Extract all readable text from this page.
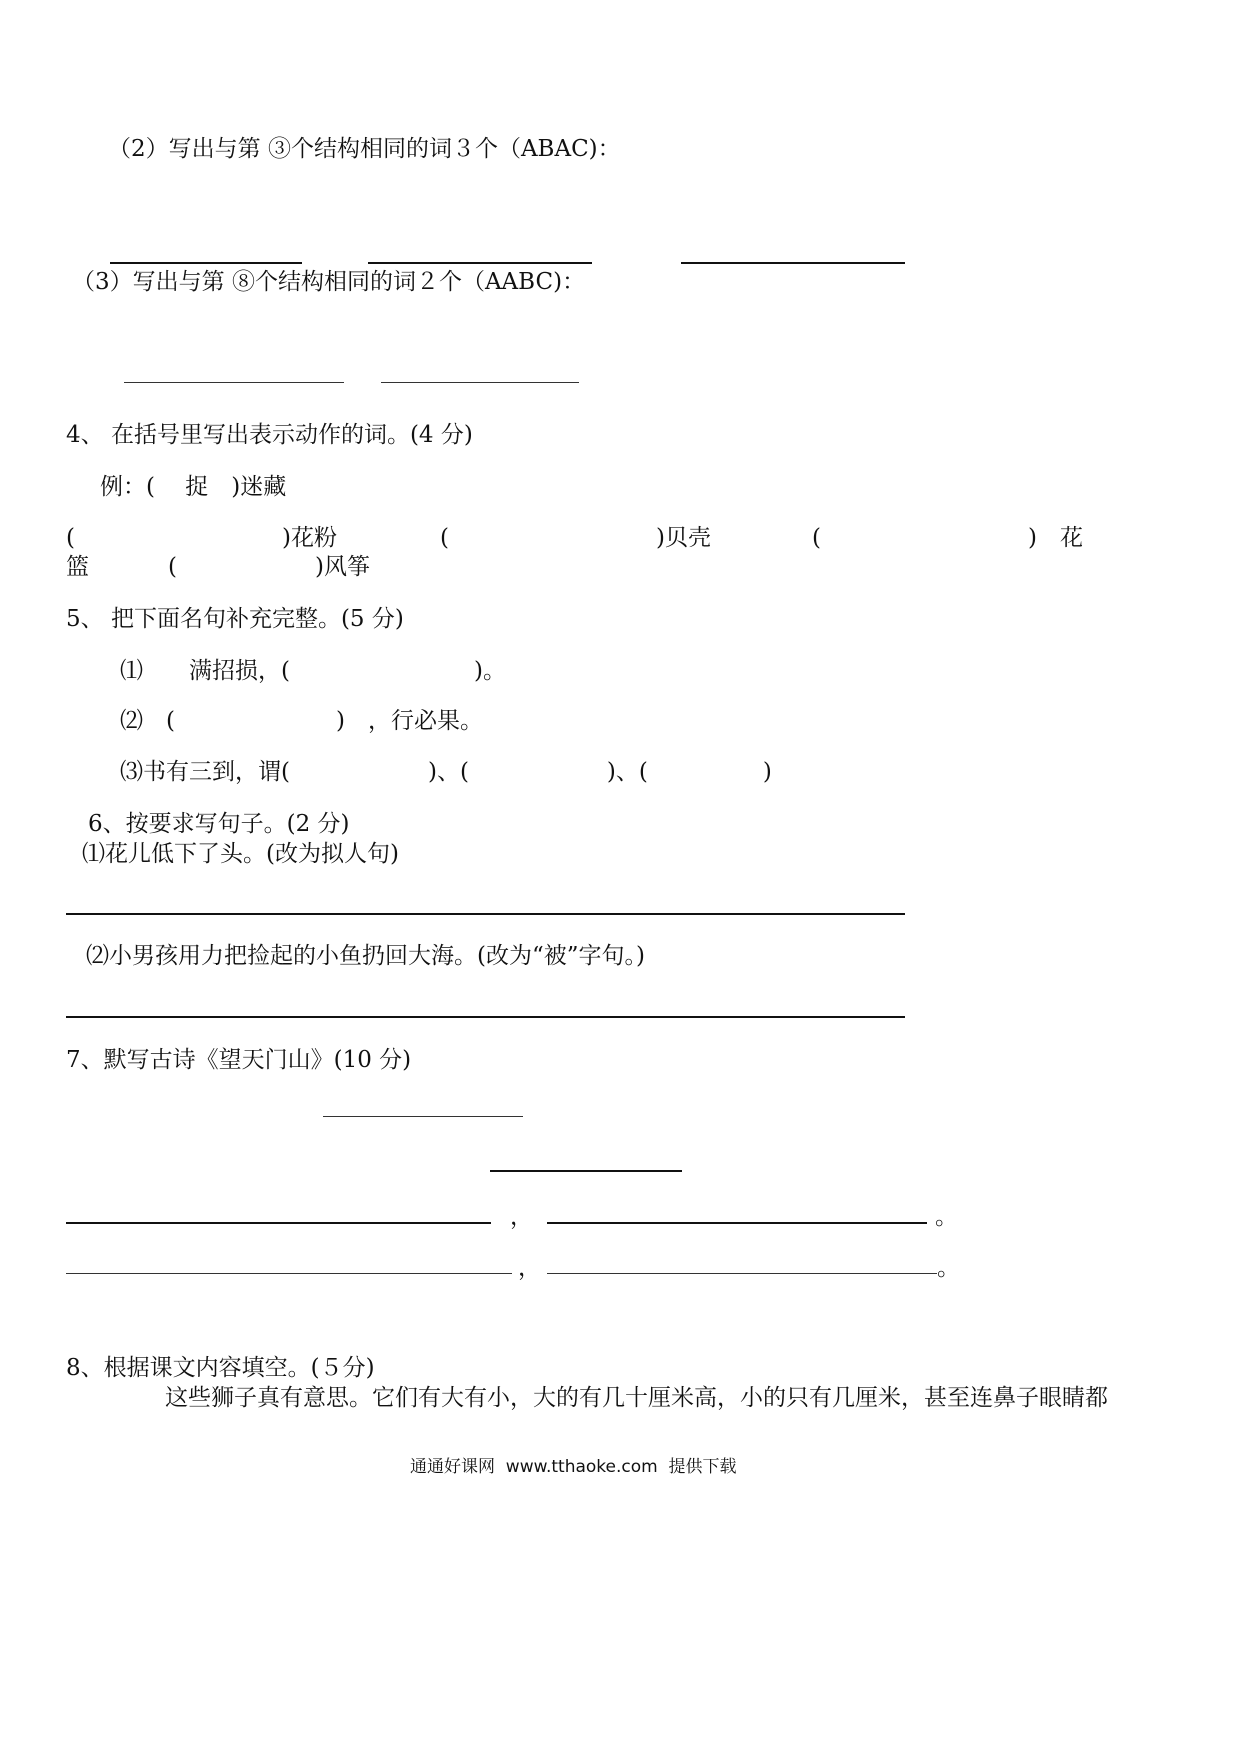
（2）写出与第 ③个结构相同的词３个（ABAC)：
（3）写出与第 ⑧个结构相同的词２个（AABC)：
4、 在括号里写出表示动作的词。(4 分)
例：(　 捉　)迷藏
(　　　　　　　　　)花粉	(　　　　　　　　　)贝壳	(　　　　　　　　　)　花
篮	(　　　　　　)风筝
5、 把下面名句补充完整。(5 分)
⑴　　满招损，(　　　　　　　　)。
⑵　(　　　　　　　)　，行必果。
⑶书有三到，谓(　　　　　　)、(　　　　　　)、(　　　　　)
6、按要求写句子。(2 分)
⑴花儿低下了头。(改为拟人句)
⑵小男孩用力把捡起的小鱼扔回大海。(改为“被”字句。)
7、默写古诗《望天门山》(10 分)
，	。
，	。
8、根据课文内容填空。(５分)
这些狮子真有意思。它们有大有小，大的有几十厘米高，小的只有几厘米，甚至连鼻子眼睛都
通通好课网  www.tthaoke.com  提供下载
